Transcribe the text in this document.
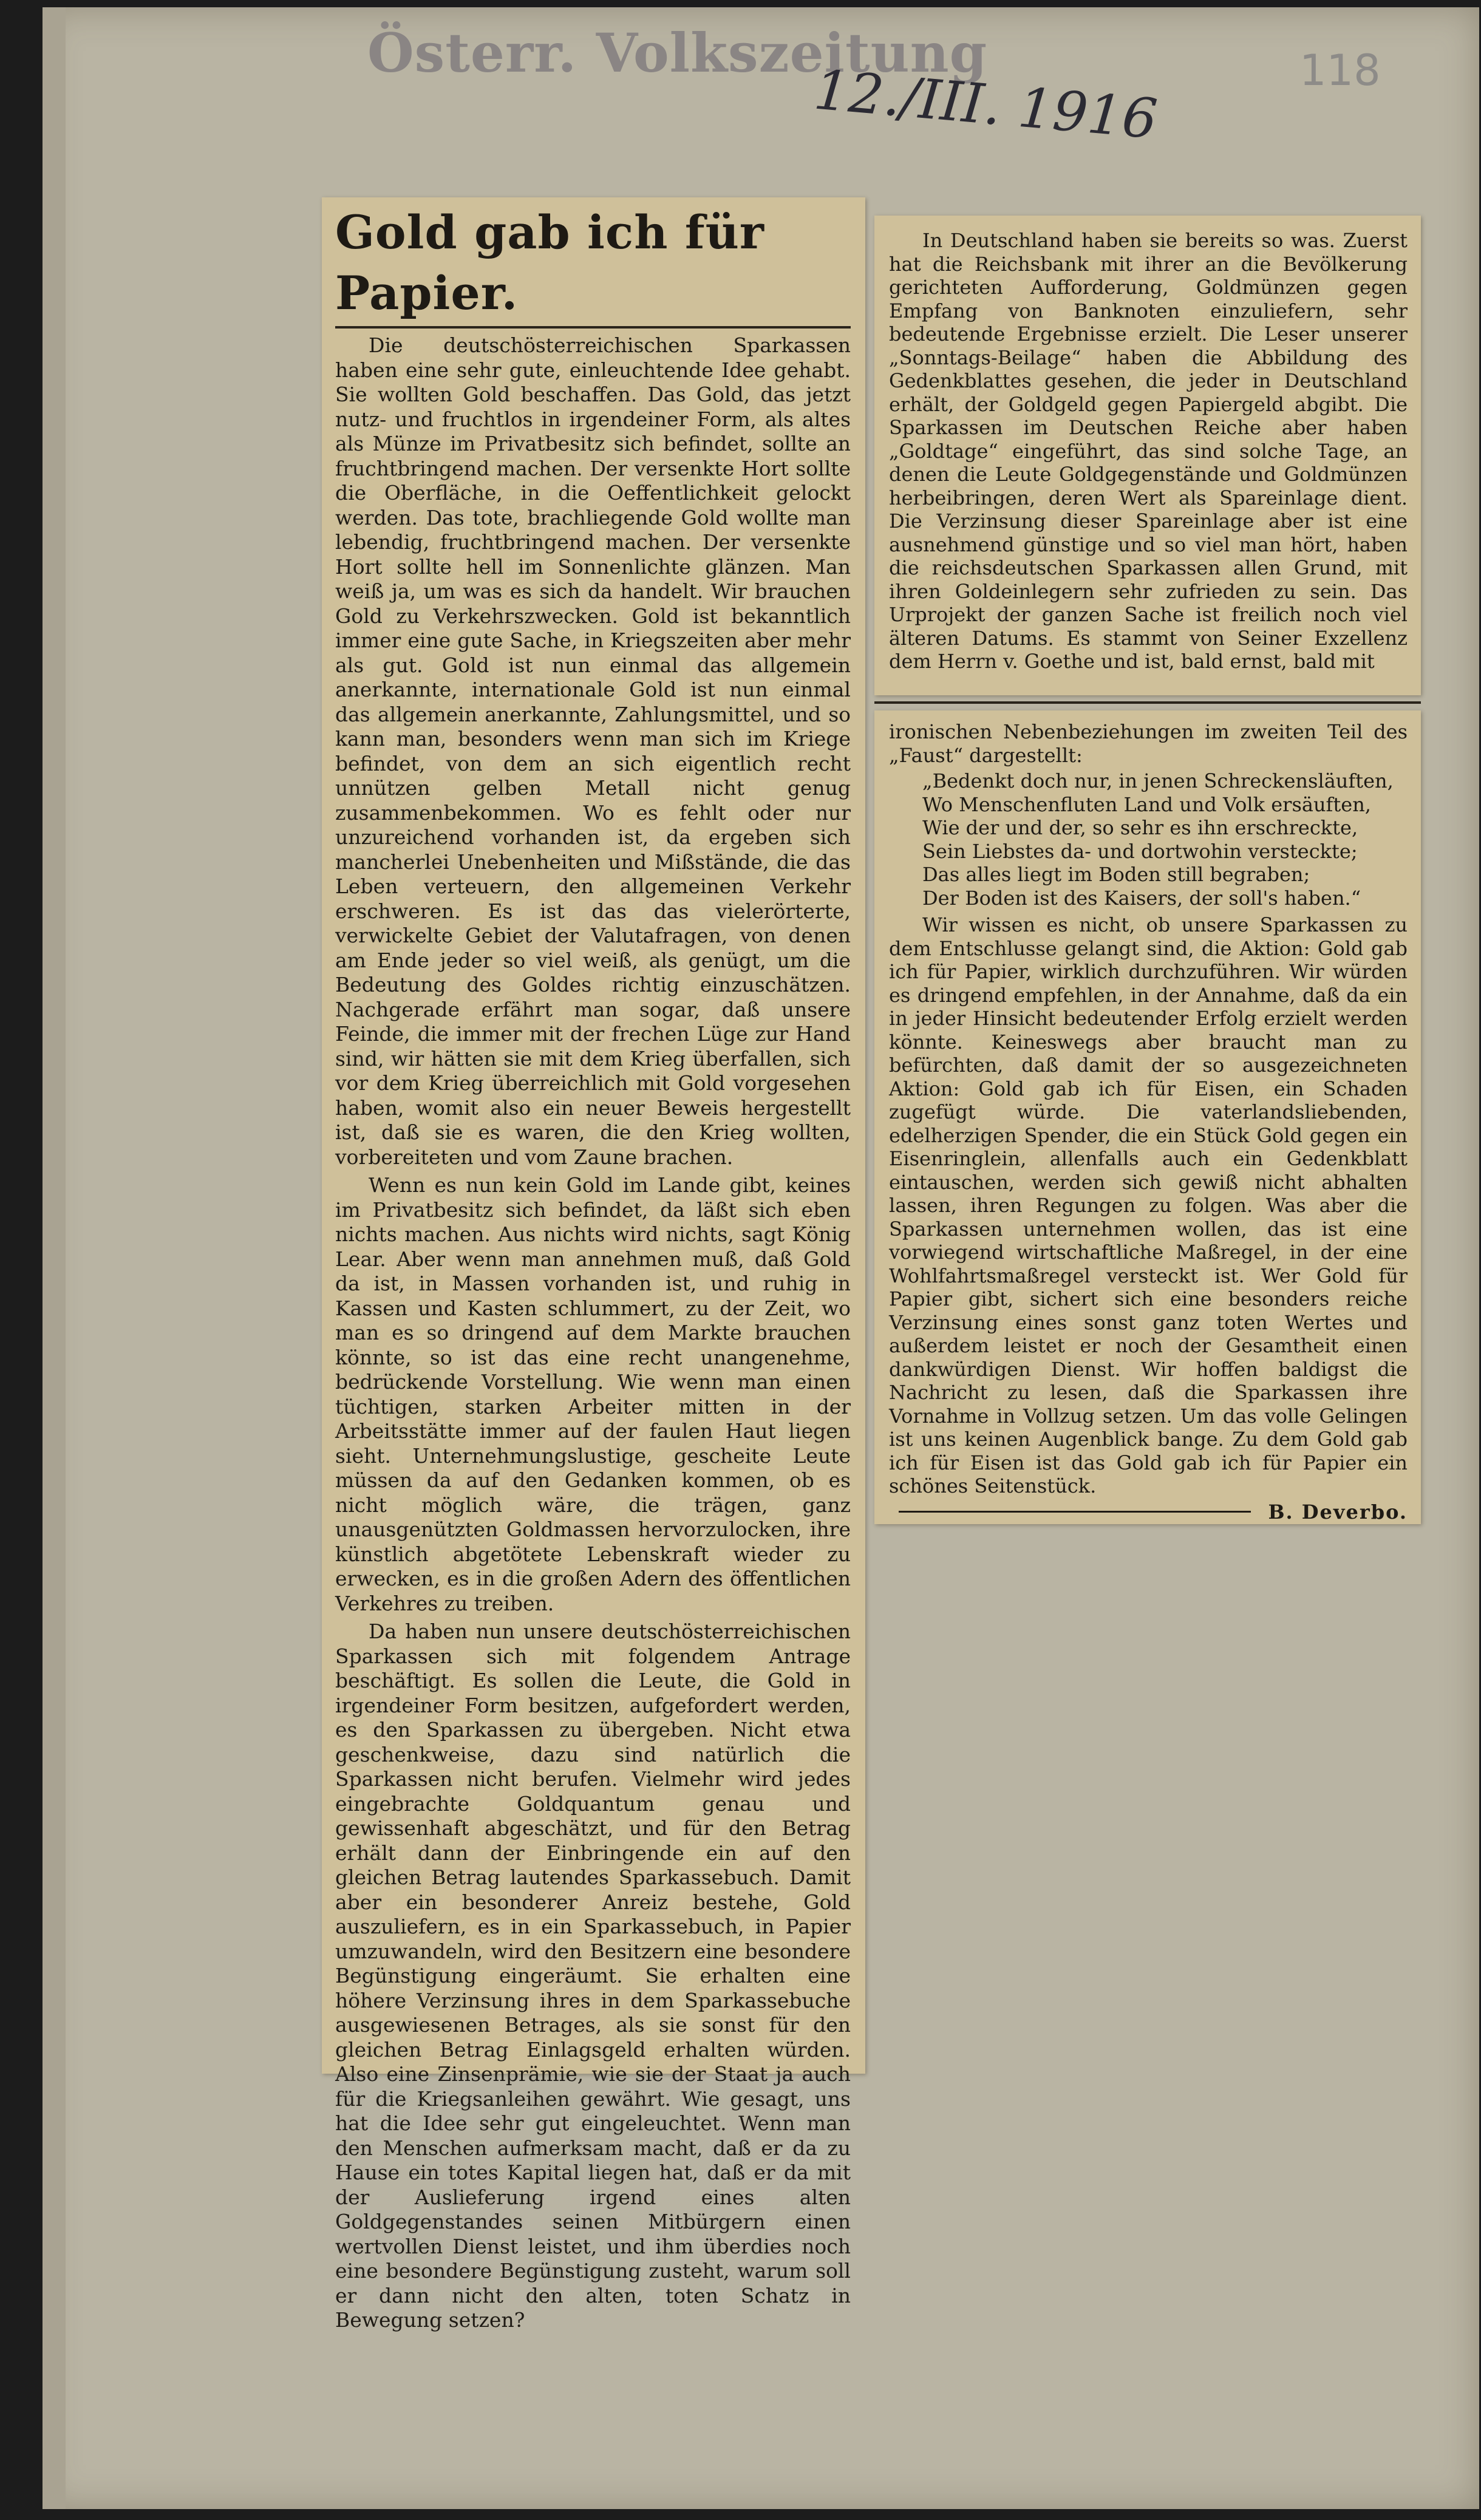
Österr. Volkszeitung
12./III. 1916	118
Gold gab ich für Papier.

Die deutschösterreichischen Sparkassen haben eine sehr gute, einleuchtende Idee gehabt. Sie wollten Gold beschaffen. Das Gold, das jetzt nutz- und fruchtlos in irgendeiner Form, als altes als Münze im Privatbesitz sich befindet, sollte an fruchtbringend machen. Der versenkte Hort sollte die Oberfläche, in die Oeffentlichkeit gelockt werden. Das tote, brachliegende Gold wollte man lebendig, fruchtbringend machen. Der versenkte Hort sollte hell im Sonnenlichte glänzen. Man weiß ja, um was es sich da handelt. Wir brauchen Gold zu Verkehrszwecken. Gold ist bekanntlich immer eine gute Sache, in Kriegszeiten aber mehr als gut. Gold ist nun einmal das allgemein anerkannte, internationale Gold ist nun einmal das allgemein anerkannte, Zahlungsmittel, und so kann man, besonders wenn man sich im Kriege befindet, von dem an sich eigentlich recht unnützen gelben Metall nicht genug zusammenbekommen. Wo es fehlt oder nur unzureichend vorhanden ist, da ergeben sich mancherlei Unebenheiten und Mißstände, die das Leben verteuern, den allgemeinen Verkehr erschweren. Es ist das das vielerörterte, verwickelte Gebiet der Valutafragen, von denen am Ende jeder so viel weiß, als genügt, um die Bedeutung des Goldes richtig einzuschätzen. Nachgerade erfährt man sogar, daß unsere Feinde, die immer mit der frechen Lüge zur Hand sind, wir hätten sie mit dem Krieg überfallen, sich vor dem Krieg überreichlich mit Gold vorgesehen haben, womit also ein neuer Beweis hergestellt ist, daß sie es waren, die den Krieg wollten, vorbereiteten und vom Zaune brachen.

Wenn es nun kein Gold im Lande gibt, keines im Privatbesitz sich befindet, da läßt sich eben nichts machen. Aus nichts wird nichts, sagt König Lear. Aber wenn man annehmen muß, daß Gold da ist, in Massen vorhanden ist, und ruhig in Kassen und Kasten schlummert, zu der Zeit, wo man es so dringend auf dem Markte brauchen könnte, so ist das eine recht unangenehme, bedrückende Vorstellung. Wie wenn man einen tüchtigen, starken Arbeiter mitten in der Arbeitsstätte immer auf der faulen Haut liegen sieht. Unternehmungslustige, gescheite Leute müssen da auf den Gedanken kommen, ob es nicht möglich wäre, die trägen, ganz unausgenützten Goldmassen hervorzulocken, ihre künstlich abgetötete Lebenskraft wieder zu erwecken, es in die großen Adern des öffentlichen Verkehres zu treiben.

Da haben nun unsere deutschösterreichischen Sparkassen sich mit folgendem Antrage beschäftigt. Es sollen die Leute, die Gold in irgendeiner Form besitzen, aufgefordert werden, es den Sparkassen zu übergeben. Nicht etwa geschenkweise, dazu sind natürlich die Sparkassen nicht berufen. Vielmehr wird jedes eingebrachte Goldquantum genau und gewissenhaft abgeschätzt, und für den Betrag erhält dann der Einbringende ein auf den gleichen Betrag lautendes Sparkassebuch. Damit aber ein besonderer Anreiz bestehe, Gold auszuliefern, es in ein Sparkassebuch, in Papier umzuwandeln, wird den Besitzern eine besondere Begünstigung eingeräumt. Sie erhalten eine höhere Verzinsung ihres in dem Sparkassebuche ausgewiesenen Betrages, als sie sonst für den gleichen Betrag Einlagsgeld erhalten würden. Also eine Zinsenprämie, wie sie der Staat ja auch für die Kriegsanleihen gewährt. Wie gesagt, uns hat die Idee sehr gut eingeleuchtet. Wenn man den Menschen aufmerksam macht, daß er da zu Hause ein totes Kapital liegen hat, daß er da mit der Auslieferung irgend eines alten Goldgegenstandes seinen Mitbürgern einen wertvollen Dienst leistet, und ihm überdies noch eine besondere Begünstigung zusteht, warum soll er dann nicht den alten, toten Schatz in Bewegung setzen?

In Deutschland haben sie bereits so was. Zuerst hat die Reichsbank mit ihrer an die Bevölkerung gerichteten Aufforderung, Goldmünzen gegen Empfang von Banknoten einzuliefern, sehr bedeutende Ergebnisse erzielt. Die Leser unserer „Sonntags-Beilage“ haben die Abbildung des Gedenkblattes gesehen, die jeder in Deutschland erhält, der Goldgeld gegen Papiergeld abgibt. Die Sparkassen im Deutschen Reiche aber haben „Goldtage“ eingeführt, das sind solche Tage, an denen die Leute Goldgegenstände und Goldmünzen herbeibringen, deren Wert als Spareinlage dient. Die Verzinsung dieser Spareinlage aber ist eine ausnehmend günstige und so viel man hört, haben die reichsdeutschen Sparkassen allen Grund, mit ihren Goldeinlegern sehr zufrieden zu sein. Das Urprojekt der ganzen Sache ist freilich noch viel älteren Datums. Es stammt von Seiner Exzellenz dem Herrn v. Goethe und ist, bald ernst, bald mit

ironischen Nebenbeziehungen im zweiten Teil des „Faust“ dargestellt:

„Bedenkt doch nur, in jenen Schreckensläuften,
Wo Menschenfluten Land und Volk ersäuften,
Wie der und der, so sehr es ihn erschreckte,
Sein Liebstes da- und dortwohin versteckte;
Das alles liegt im Boden still begraben;
Der Boden ist des Kaisers, der soll's haben.“

Wir wissen es nicht, ob unsere Sparkassen zu dem Entschlusse gelangt sind, die Aktion: Gold gab ich für Papier, wirklich durchzuführen. Wir würden es dringend empfehlen, in der Annahme, daß da ein in jeder Hinsicht bedeutender Erfolg erzielt werden könnte. Keineswegs aber braucht man zu befürchten, daß damit der so ausgezeichneten Aktion: Gold gab ich für Eisen, ein Schaden zugefügt würde. Die vaterlandsliebenden, edelherzigen Spender, die ein Stück Gold gegen ein Eisenringlein, allenfalls auch ein Gedenkblatt eintauschen, werden sich gewiß nicht abhalten lassen, ihren Regungen zu folgen. Was aber die Sparkassen unternehmen wollen, das ist eine vorwiegend wirtschaftliche Maßregel, in der eine Wohlfahrtsmaßregel versteckt ist. Wer Gold für Papier gibt, sichert sich eine besonders reiche Verzinsung eines sonst ganz toten Wertes und außerdem leistet er noch der Gesamtheit einen dankwürdigen Dienst. Wir hoffen baldigst die Nachricht zu lesen, daß die Sparkassen ihre Vornahme in Vollzug setzen. Um das volle Gelingen ist uns keinen Augenblick bange. Zu dem Gold gab ich für Eisen ist das Gold gab ich für Papier ein schönes Seitenstück.

B. Deverbo.
